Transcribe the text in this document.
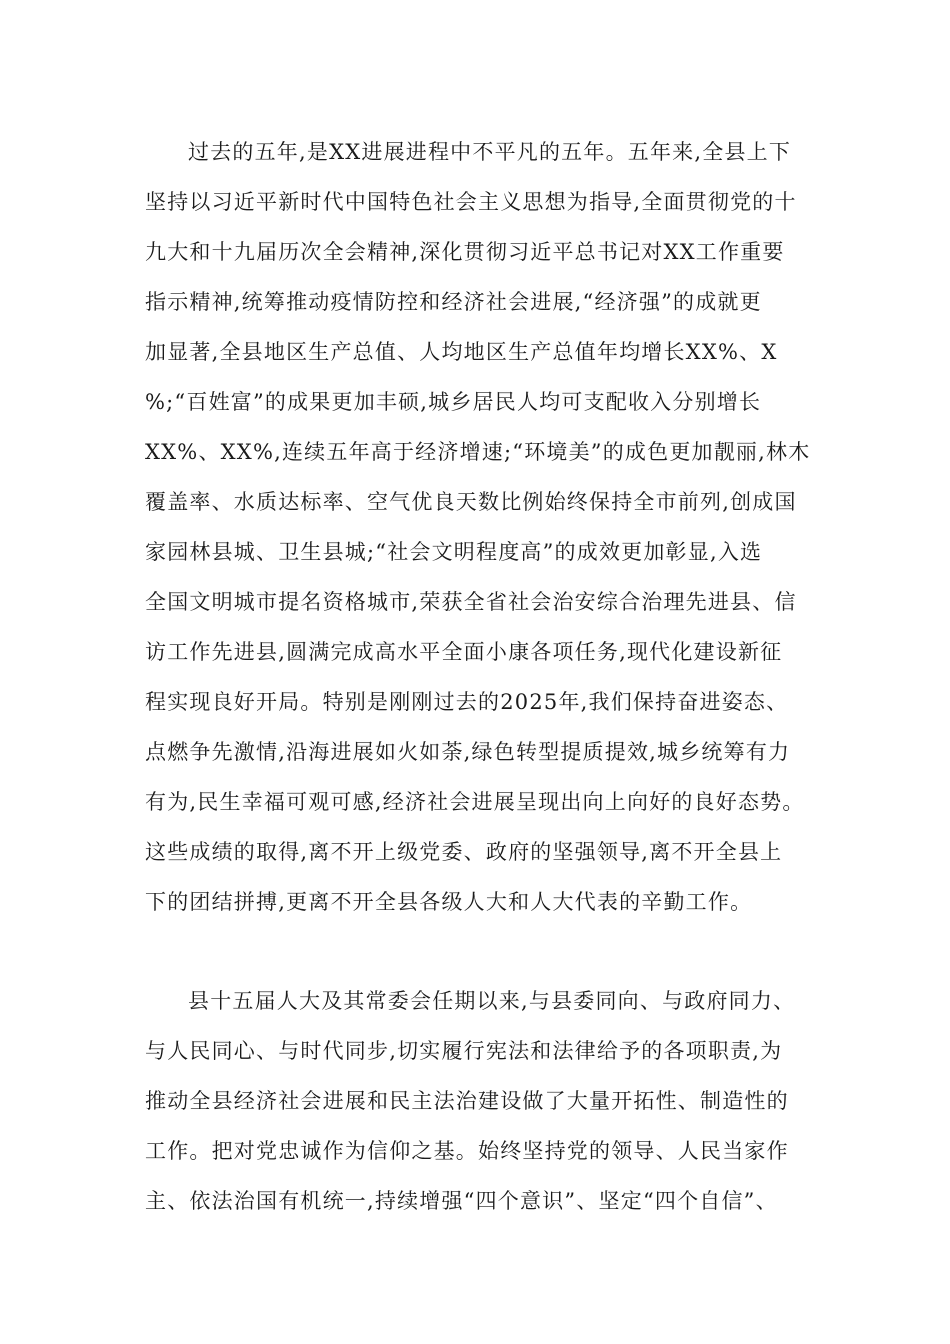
过去的五年,是XX进展进程中不平凡的五年。五年来,全县上下
坚持以习近平新时代中国特色社会主义思想为指导,全面贯彻党的十
九大和十九届历次全会精神,深化贯彻习近平总书记对XX工作重要
指示精神,统筹推动疫情防控和经济社会进展,“经济强”的成就更
加显著,全县地区生产总值、人均地区生产总值年均增长XX%、X
%;“百姓富”的成果更加丰硕,城乡居民人均可支配收入分别增长
XX%、XX%,连续五年高于经济增速;“环境美”的成色更加靓丽,林木
覆盖率、水质达标率、空气优良天数比例始终保持全市前列,创成国
家园林县城、卫生县城;“社会文明程度高”的成效更加彰显,入选
全国文明城市提名资格城市,荣获全省社会治安综合治理先进县、信
访工作先进县,圆满完成高水平全面小康各项任务,现代化建设新征
程实现良好开局。特别是刚刚过去的2025年,我们保持奋进姿态、
点燃争先激情,沿海进展如火如荼,绿色转型提质提效,城乡统筹有力
有为,民生幸福可观可感,经济社会进展呈现出向上向好的良好态势。
这些成绩的取得,离不开上级党委、政府的坚强领导,离不开全县上
下的团结拼搏,更离不开全县各级人大和人大代表的辛勤工作。
县十五届人大及其常委会任期以来,与县委同向、与政府同力、
与人民同心、与时代同步,切实履行宪法和法律给予的各项职责,为
推动全县经济社会进展和民主法治建设做了大量开拓性、制造性的
工作。把对党忠诚作为信仰之基。始终坚持党的领导、人民当家作
主、依法治国有机统一,持续增强“四个意识”、坚定“四个自信”、
